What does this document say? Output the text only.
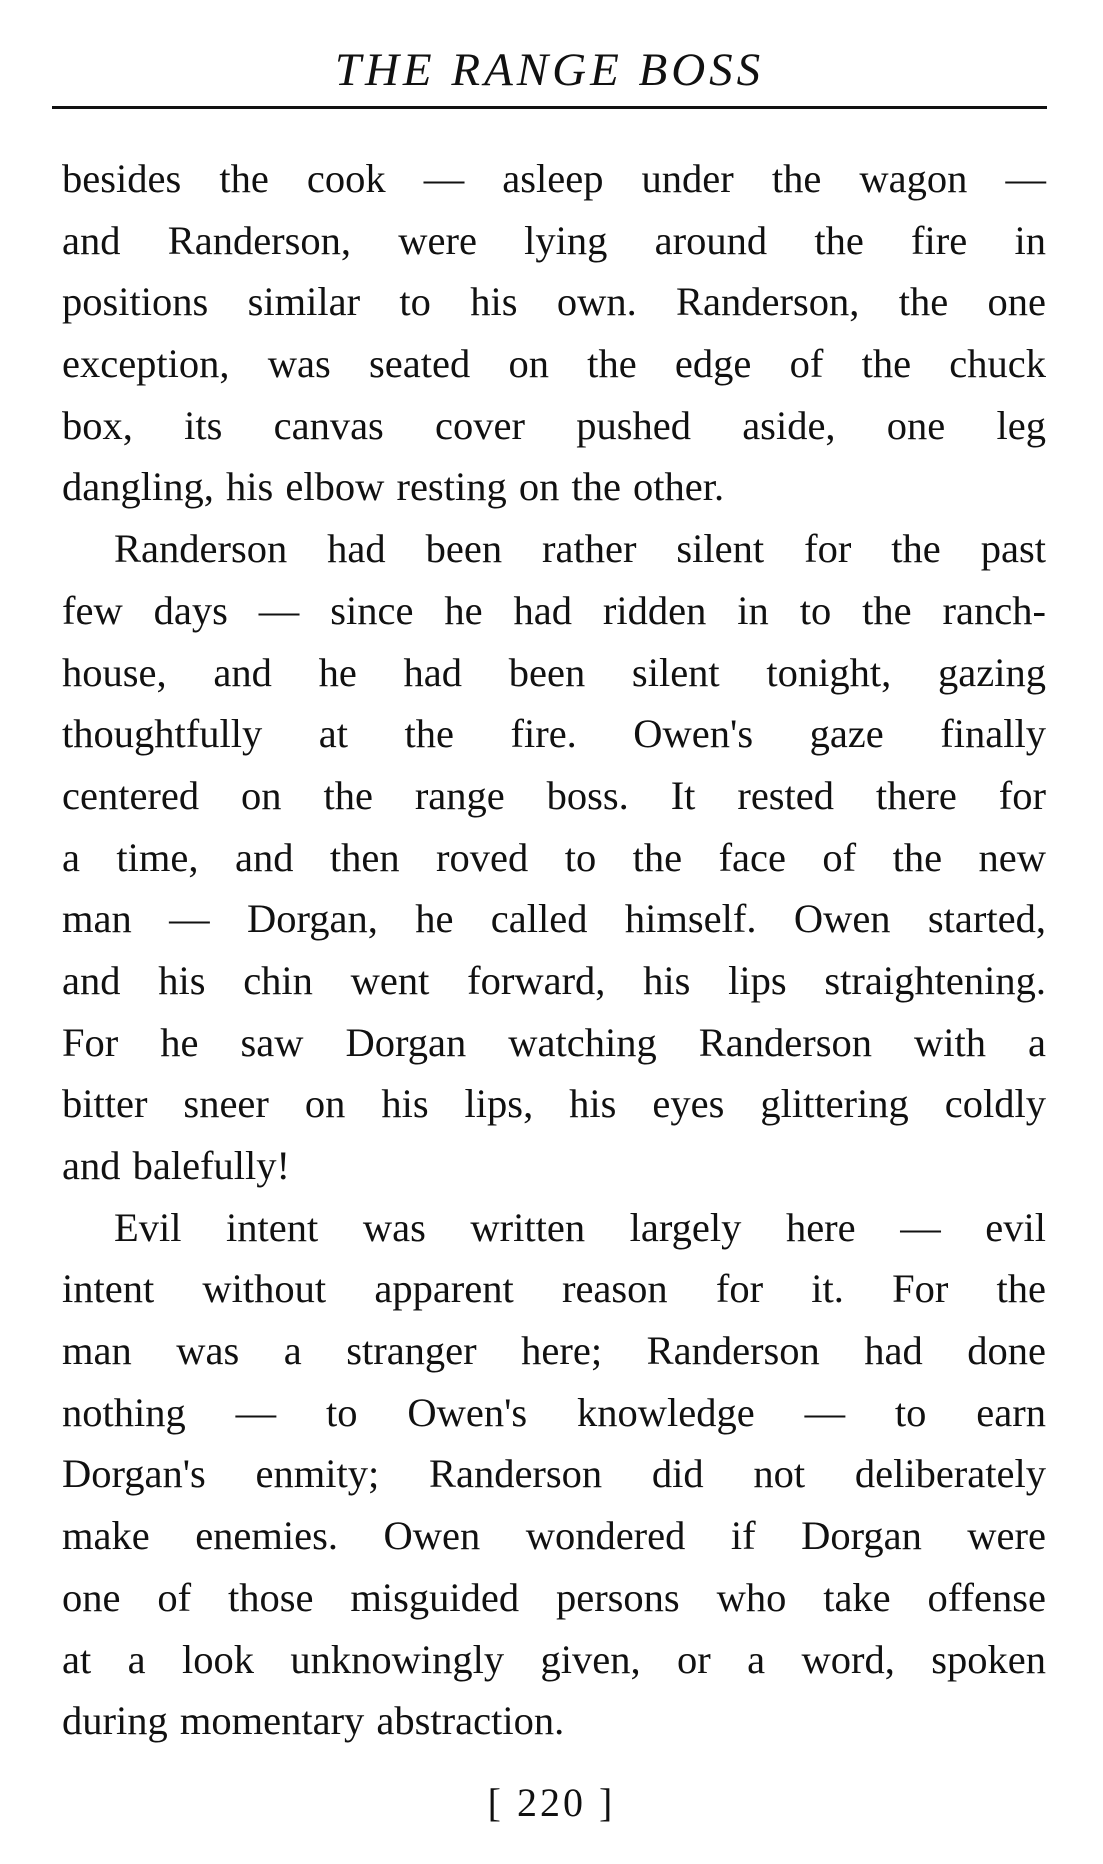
THE RANGE BOSS
besides the cook — asleep under the wagon —
and Randerson, were lying around the fire in
positions similar to his own. Randerson, the one
exception, was seated on the edge of the chuck
box, its canvas cover pushed aside, one leg
dangling, his elbow resting on the other.
Randerson had been rather silent for the past
few days — since he had ridden in to the ranch-
house, and he had been silent tonight, gazing
thoughtfully at the fire. Owen's gaze finally
centered on the range boss. It rested there for
a time, and then roved to the face of the new
man — Dorgan, he called himself. Owen started,
and his chin went forward, his lips straightening.
For he saw Dorgan watching Randerson with a
bitter sneer on his lips, his eyes glittering coldly
and balefully!
Evil intent was written largely here — evil
intent without apparent reason for it. For the
man was a stranger here; Randerson had done
nothing — to Owen's knowledge — to earn
Dorgan's enmity; Randerson did not deliberately
make enemies. Owen wondered if Dorgan were
one of those misguided persons who take offense
at a look unknowingly given, or a word, spoken
during momentary abstraction.
[ 220 ]
